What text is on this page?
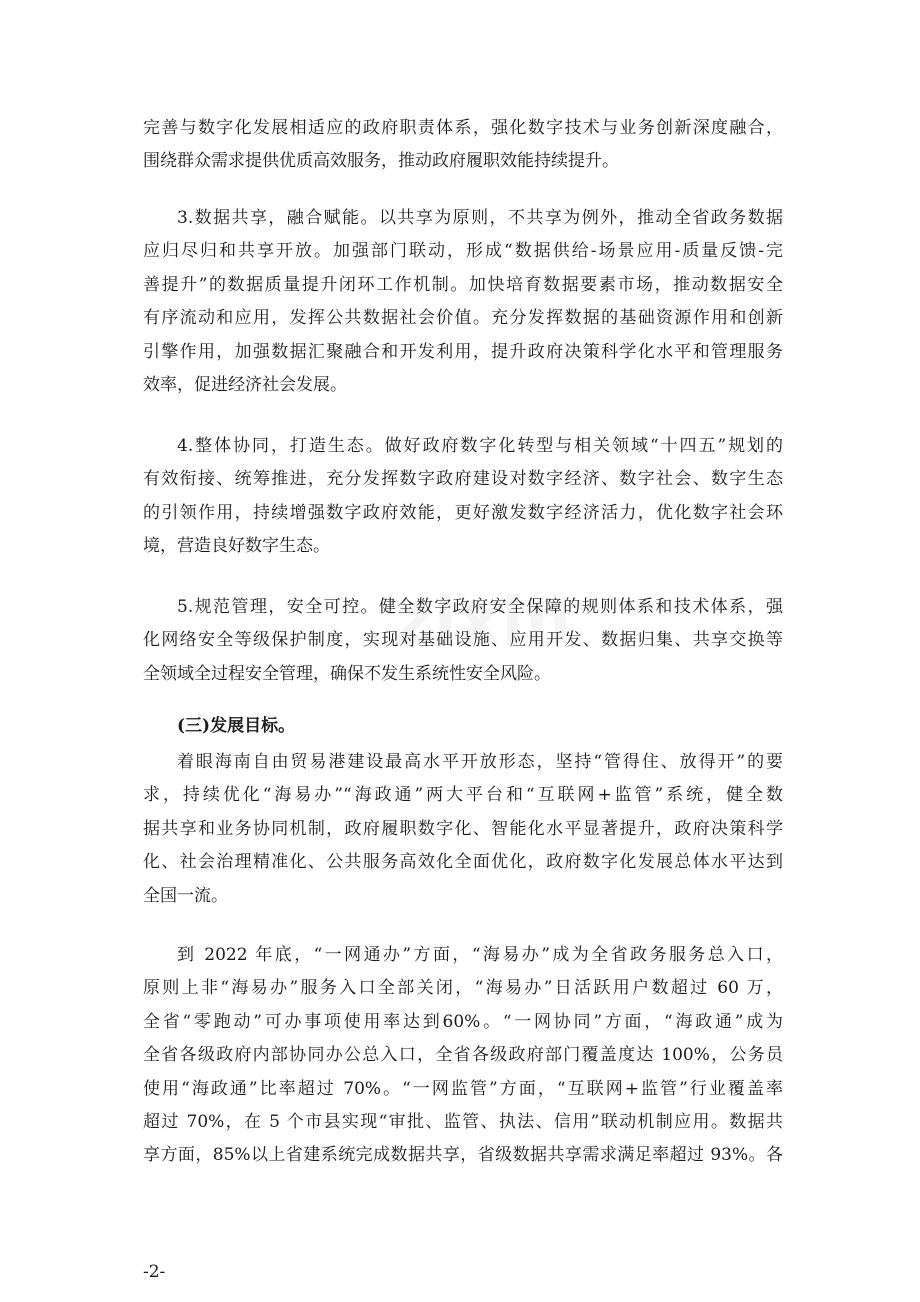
zixin
完善与数字化发展相适应的政府职责体系，强化数字技术与业务创新深度融合，
围绕群众需求提供优质高效服务，推动政府履职效能持续提升。
3.数据共享，融合赋能。以共享为原则，不共享为例外，推动全省政务数据
应归尽归和共享开放。加强部门联动，形成“数据供给-场景应用-质量反馈-完
善提升”的数据质量提升闭环工作机制。加快培育数据要素市场，推动数据安全
有序流动和应用，发挥公共数据社会价值。充分发挥数据的基础资源作用和创新
引擎作用，加强数据汇聚融合和开发利用，提升政府决策科学化水平和管理服务
效率，促进经济社会发展。
4.整体协同，打造生态。做好政府数字化转型与相关领域“十四五”规划的
有效衔接、统筹推进，充分发挥数字政府建设对数字经济、数字社会、数字生态
的引领作用，持续增强数字政府效能，更好激发数字经济活力，优化数字社会环
境，营造良好数字生态。
5.规范管理，安全可控。健全数字政府安全保障的规则体系和技术体系，强
化网络安全等级保护制度，实现对基础设施、应用开发、数据归集、共享交换等
全领域全过程安全管理，确保不发生系统性安全风险。
(三)发展目标。
着眼海南自由贸易港建设最高水平开放形态，坚持“管得住、放得开”的要
求，持续优化“海易办”“海政通”两大平台和“互联网+监管”系统，健全数
据共享和业务协同机制，政府履职数字化、智能化水平显著提升，政府决策科学
化、社会治理精准化、公共服务高效化全面优化，政府数字化发展总体水平达到
全国一流。
到 2022 年底，“一网通办”方面，“海易办”成为全省政务服务总入口，
原则上非“海易办”服务入口全部关闭，“海易办”日活跃用户数超过 60 万，
全省“零跑动”可办事项使用率达到60%。“一网协同”方面，“海政通”成为
全省各级政府内部协同办公总入口，全省各级政府部门覆盖度达 100%，公务员
使用“海政通”比率超过 70%。“一网监管”方面，“互联网+监管”行业覆盖率
超过 70%，在 5 个市县实现“审批、监管、执法、信用”联动机制应用。数据共
享方面，85%以上省建系统完成数据共享，省级数据共享需求满足率超过 93%。各
-2-
